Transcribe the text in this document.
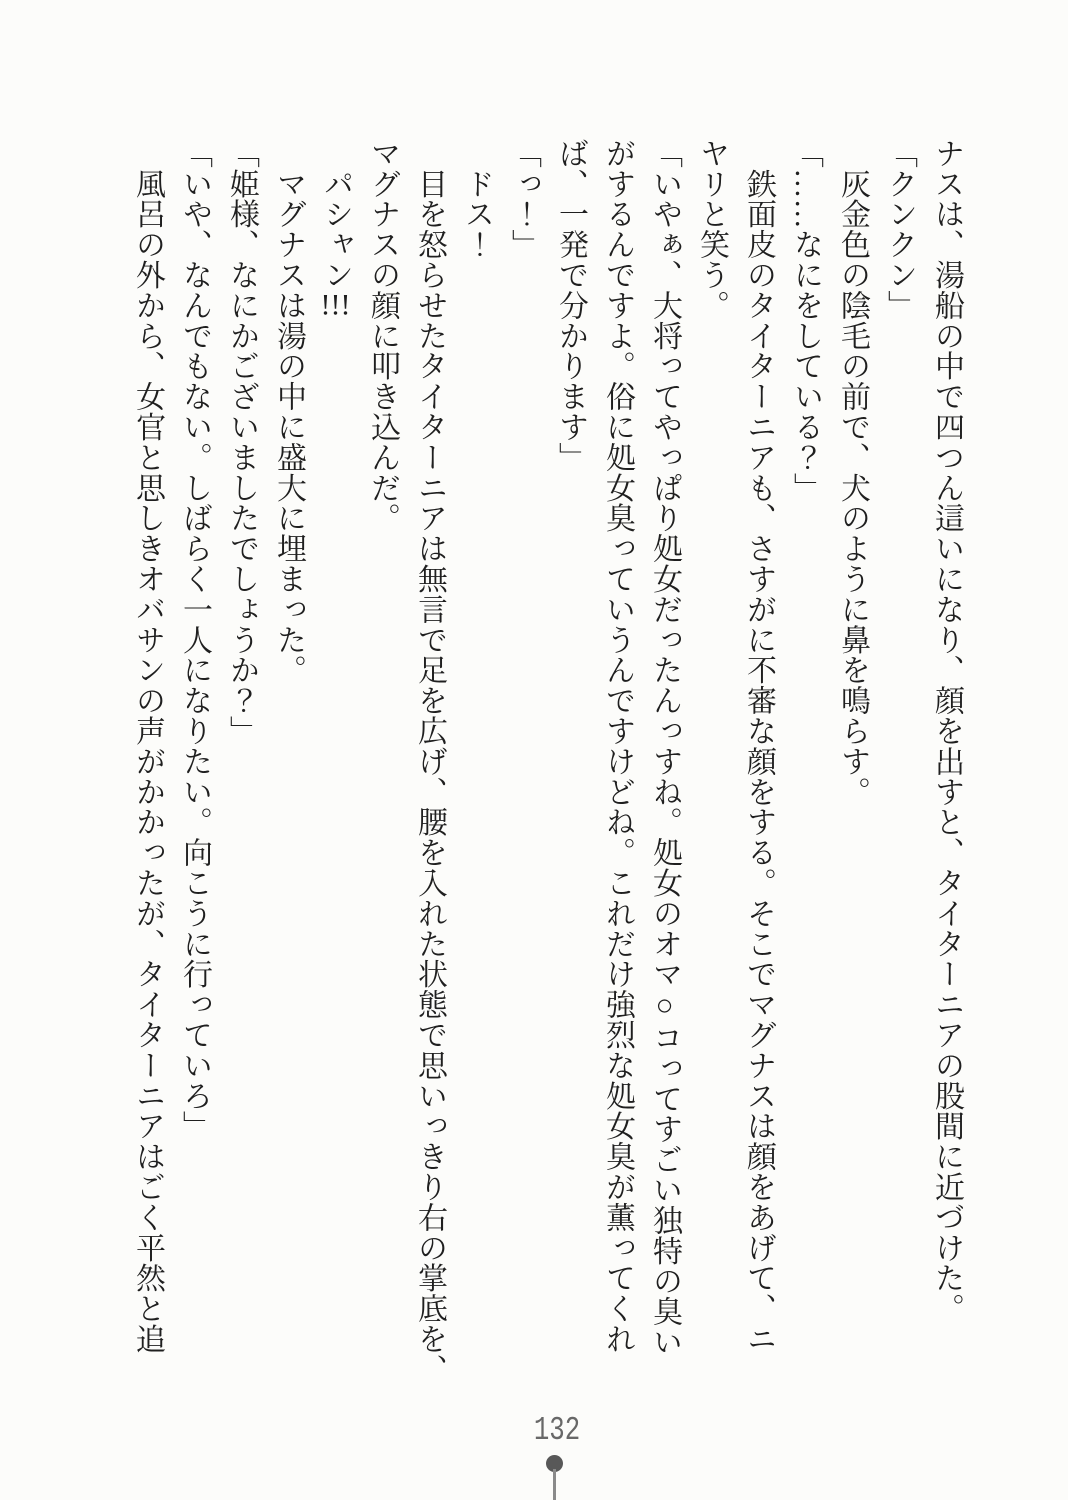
ナスは、湯船の中で四つん這いになり、顔を出すと、タイターニアの股間に近づけた。

「クンクン」

　灰金色の陰毛の前で、犬のように鼻を鳴らす。

「……なにをしている？」

　鉄面皮のタイターニアも、さすがに不審な顔をする。そこでマグナスは顔をあげて、ニ

ヤリと笑う。

「いやぁ、大将ってやっぱり処女だったんっすね。処女のオマ○コってすごい独特の臭い

がするんですよ。俗に処女臭っていうんですけどね。これだけ強烈な処女臭が薫ってくれ

ば、一発で分かります」

「っ！」

　ドス！

　目を怒らせたタイターニアは無言で足を広げ、腰を入れた状態で思いっきり右の掌底を、

マグナスの顔に叩き込んだ。

　パシャン!!!

　マグナスは湯の中に盛大に埋まった。

「姫様、なにかございましたでしょうか？」

「いや、なんでもない。しばらく一人になりたい。向こうに行っていろ」

　風呂の外から、女官と思しきオバサンの声がかかったが、タイターニアはごく平然と追

132
